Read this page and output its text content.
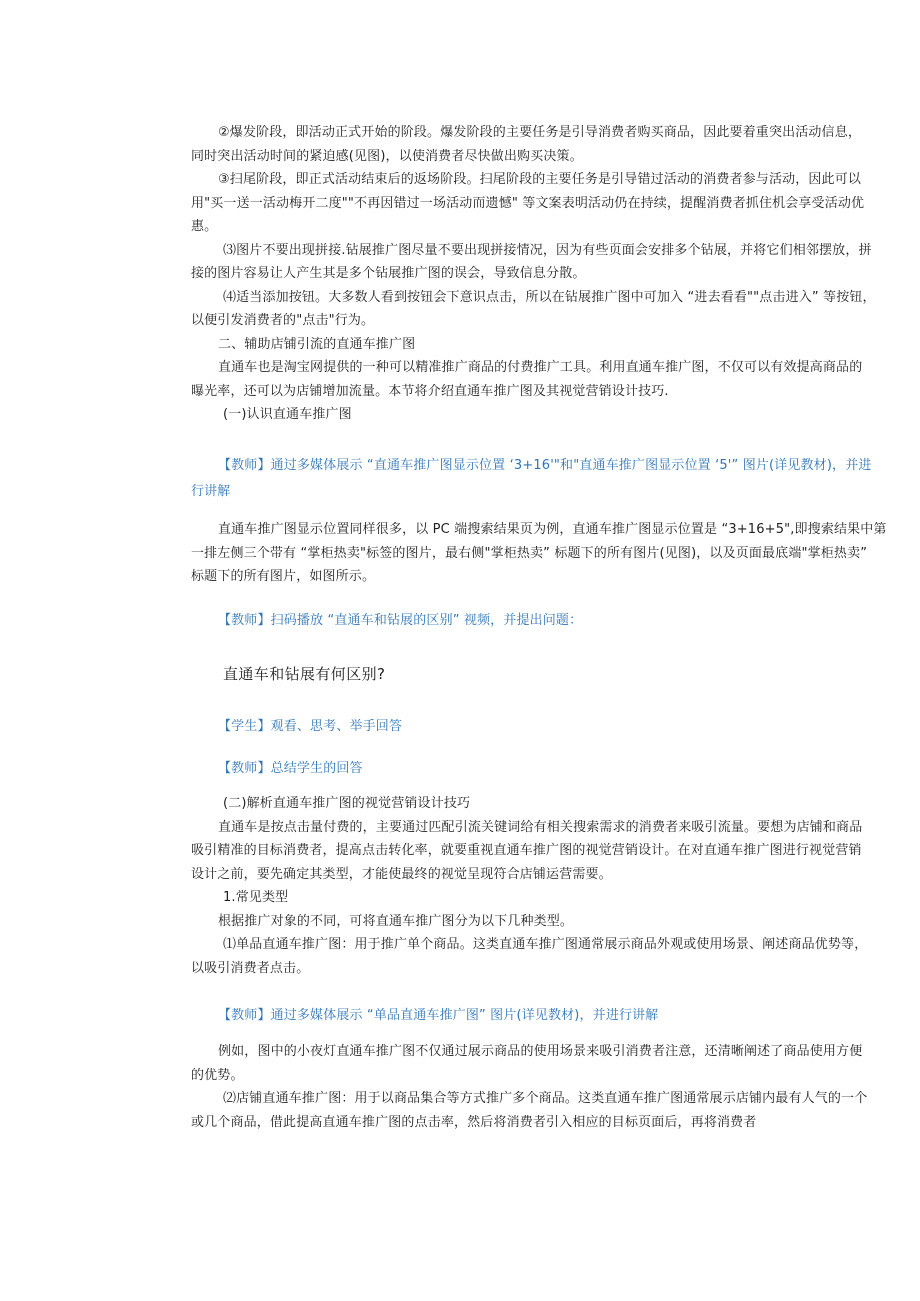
②爆发阶段，即活动正式开始的阶段。爆发阶段的主要任务是引导消费者购买商品，因此要着重突出活动信息，
同时突出活动时间的紧迫感(见图)，以使消费者尽快做出购买决策。
③扫尾阶段，即正式活动结束后的返场阶段。扫尾阶段的主要任务是引导错过活动的消费者参与活动，因此可以
用"买一送一活动梅开二度""不再因错过一场活动而遗憾" 等文案表明活动仍在持续，提醒消费者抓住机会享受活动优
惠。
⑶图片不要出现拼接.钻展推广图尽量不要出现拼接情况，因为有些页面会安排多个钻展，并将它们相邻摆放，拼
接的图片容易让人产生其是多个钻展推广图的误会，导致信息分散。
⑷适当添加按钮。大多数人看到按钮会下意识点击，所以在钻展推广图中可加入 “进去看看""点击进入” 等按钮，
以便引发消费者的"点击"行为。
二、辅助店铺引流的直通车推广图
直通车也是淘宝网提供的一种可以精准推广商品的付费推广工具。利用直通车推广图，不仅可以有效提高商品的
曝光率，还可以为店铺增加流量。本节将介绍直通车推广图及其视觉营销设计技巧.
(一)认识直通车推广图
【教师】通过多媒体展示 “直通车推广图显示位置 ‘3+16'"和"直通车推广图显示位置 ‘5'” 图片(详见教材)，并进
行讲解
直通车推广图显示位置同样很多，以 PC 端搜索结果页为例，直通车推广图显示位置是 “3+16+5",即搜索结果中第
一排左侧三个带有 “掌柜热卖"标签的图片，最右侧"掌柜热卖” 标题下的所有图片(见图)，以及页面最底端"掌柜热卖”
标题下的所有图片，如图所示。
【教师】扫码播放 “直通车和钻展的区别” 视频，并提出问题：
直通车和钻展有何区别?
【学生】观看、思考、举手回答
【教师】总结学生的回答
(二)解析直通车推广图的视觉营销设计技巧
直通车是按点击量付费的，主要通过匹配引流关键词给有相关搜索需求的消费者来吸引流量。要想为店铺和商品
吸引精准的目标消费者，提高点击转化率，就要重视直通车推广图的视觉营销设计。在对直通车推广图进行视觉营销
设计之前，要先确定其类型，才能使最终的视觉呈现符合店铺运营需要。
1.常见类型
根据推广对象的不同，可将直通车推广图分为以下几种类型。
⑴单品直通车推广图：用于推广单个商品。这类直通车推广图通常展示商品外观或使用场景、阐述商品优势等，
以吸引消费者点击。
【教师】通过多媒体展示 “单品直通车推广图” 图片(详见教材)，并进行讲解
例如，图中的小夜灯直通车推广图不仅通过展示商品的使用场景来吸引消费者注意，还清晰阐述了商品使用方便
的优势。
⑵店铺直通车推广图：用于以商品集合等方式推广多个商品。这类直通车推广图通常展示店铺内最有人气的一个
或几个商品，借此提高直通车推广图的点击率，然后将消费者引入相应的目标页面后，再将消费者
